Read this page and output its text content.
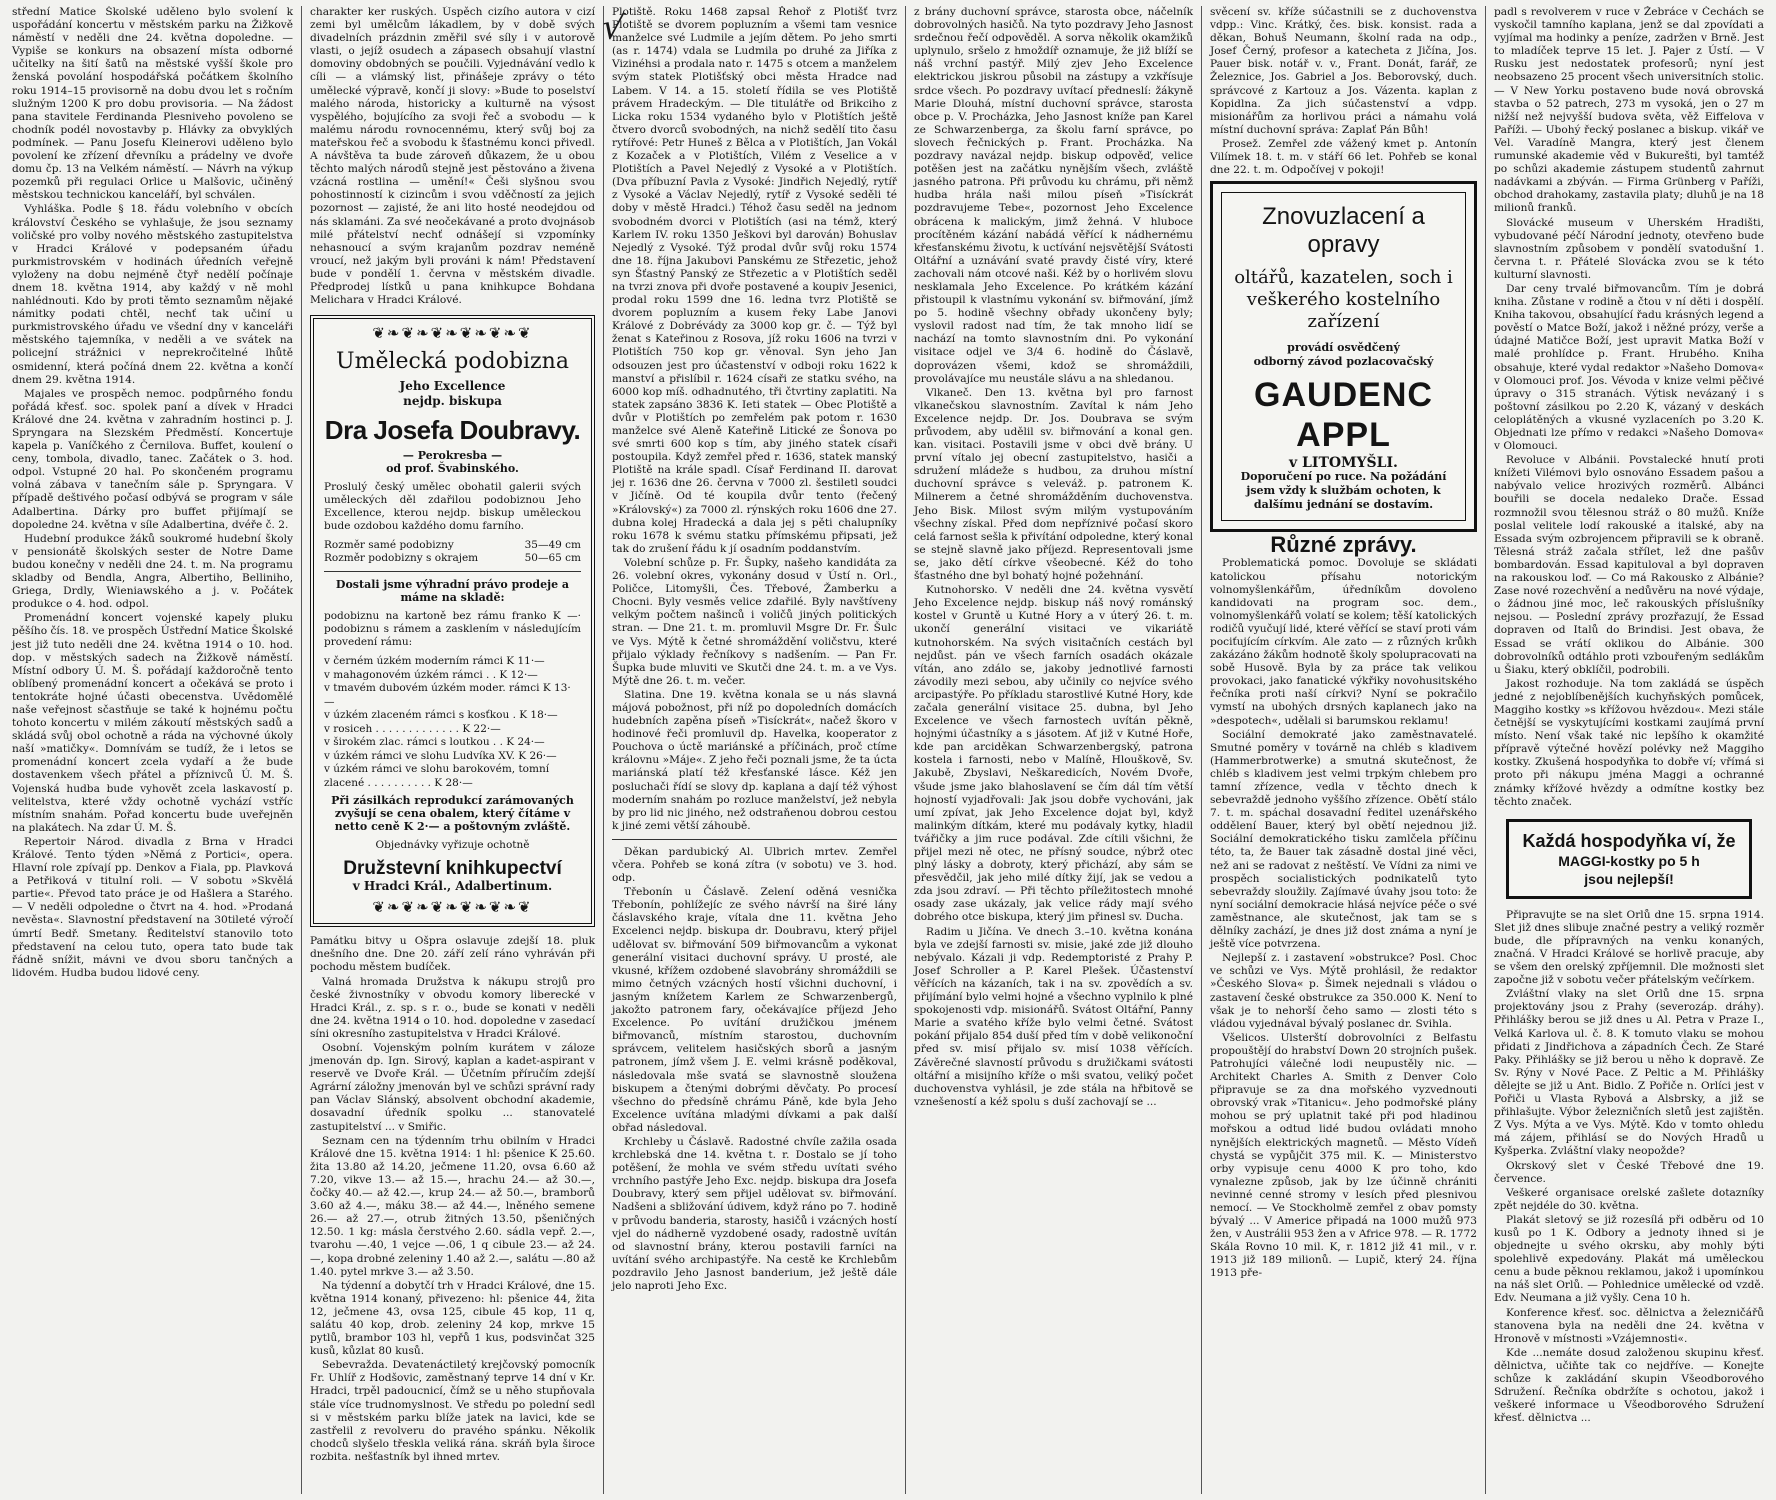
√

střední Matice Školské uděleno bylo svolení k uspořádání koncertu v městském parku na Žižkově náměstí v neděli dne 24. května dopoledne. — Vypiše se konkurs na obsazení místa odborné učitelky na šití šatů na městské vyšší škole pro ženská povolání hospodářská počátkem školního roku 1914–15 provisorně na dobu dvou let s ročním služným 1200 K pro dobu provisoria. — Na žádost pana stavitele Ferdinanda Plesniveho povoleno se chodník podél novostavby p. Hlávky za obvyklých podmínek. — Panu Josefu Kleinerovi uděleno bylo povolení ke zřízení dřevníku a prádelny ve dvoře domu čp. 13 na Velkém náměstí. — Návrh na výkup pozemků při regulaci Orlice u Malšovic, učiněný městskou technickou kanceláří, byl schválen.

Vyhláška. Podle § 18. řádu volebního v obcích království Českého se vyhlašuje, že jsou seznamy voličské pro volby nového městského zastupitelstva v Hradci Králové v podepsaném úřadu purkmistrovském v hodinách úředních veřejně vyloženy na dobu nejméně čtyř nedělí počínaje dnem 18. května 1914, aby každý v ně mohl nahlédnouti. Kdo by proti těmto seznamům nějaké námitky podati chtěl, nechť tak učiní u purkmistrovského úřadu ve všední dny v kanceláři městského tajemníka, v neděli a ve svátek na policejní strážnici v neprekročitelné lhůtě osmidenní, která počíná dnem 22. května a končí dnem 29. května 1914.

Majales ve prospěch nemoc. podpůrného fondu pořádá křesť. soc. spolek paní a dívek v Hradci Králové dne 24. května v zahradním hostinci p. J. Spryngara na Slezském Předměstí. Koncertuje kapela p. Vaníčkého z Černilova. Buffet, koulení o ceny, tombola, divadlo, tanec. Začátek o 3. hod. odpol. Vstupné 20 hal. Po skončeném programu volná zábava v tanečním sále p. Spryngara. V případě deštivého počasí odbývá se program v sále Adalbertina. Dárky pro buffet přijímají se dopoledne 24. května v síle Adalbertina, dvéře č. 2.

Hudební produkce žáků soukromé hudební školy v pensionátě školských sester de Notre Dame budou konečny v neděli dne 24. t. m. Na programu skladby od Bendla, Angra, Albertiho, Belliniho, Griega, Drdly, Wieniawského a j. v. Počátek produkce o 4. hod. odpol.

Promenádní koncert vojenské kapely pluku pěšího čís. 18. ve prospěch Ústřední Matice Školské jest již tuto neděli dne 24. května 1914 o 10. hod. dop. v městských sadech na Žižkově náměstí. Místní odbory Ú. M. Š. pořádají každoročně tento oblíbený promenádní koncert a očekává se proto i tentokráte hojné účasti obecenstva. Uvědomělé naše veřejnost sčastňuje se také k hojnému počtu tohoto koncertu v milém zákoutí městských sadů a skládá svůj obol ochotně a ráda na výchovné úkoly naší »matičky«. Domnívám se tudíž, že i letos se promenádní koncert zcela vydaří a že bude dostavenkem všech přátel a příznivců Ú. M. Š. Vojenská hudba bude vyhovět zcela laskavostí p. velitelstva, které vždy ochotně vychází vstříc místním snahám. Pořad koncertu bude uveřejněn na plakátech. Na zdar Ú. M. Š.

Repertoir Národ. divadla z Brna v Hradci Králové. Tento týden »Němá z Portici«, opera. Hlavní role zpívají pp. Denkov a Fiala, pp. Plavková a Petřiková v titulní roli. — V sobotu »Skvělá partie«. Převod tato práce je od Hašlera a Starého. — V neděli odpoledne o čtvrt na 4. hod. »Prodaná nevěsta«. Slavnostní představení na 30tileté výročí úmrtí Bedř. Smetany. Ředitelství stanovilo toto představení na celou tuto, opera tato bude tak řádně snížit, mávni ve dvou sboru tančných a lidovém. Hudba budou lidové ceny.

charakter ker ruských. Úspěch cizího autora v cizí zemi byl umělcům lákadlem, by v době svých divadelních prázdnin změřil své síly i v autorově vlasti, o jejíž osudech a zápasech obsahují vlastní domoviny obdobných se poučili. Vyjednávání vedlo k cíli — a vlámský list, přinášeje zprávy o této umělecké výpravě, končí ji slovy: »Bude to poselství malého národa, historicky a kulturně na výsost vyspělého, bojujícího za svoji řeč a svobodu — k malému národu rovnocennému, který svůj boj za mateřskou řeč a svobodu k šťastnému konci přivedl. A návštěva ta bude zároveň důkazem, že u obou těchto malých národů stejně jest pěstováno a živena vzácná rostlina — umění!« Češi slyšnou svou pohostinností k cizincům i svou vděčností za jejich pozornost — zajisté, že ani lito hosté neodejdou od nás sklamáni. Za své neočekávané a proto dvojnásob milé přátelství nechť odnášejí si vzpomínky nehasnoucí a svým krajanům pozdrav neméně vroucí, než jakým byli prováni k nám! Představení bude v pondělí 1. června v městském divadle. Předprodej lístků u pana knihkupce Bohdana Melichara v Hradci Králové.

❦❧❦❧❦❧❦❧❦❧❦
Umělecká podobizna
Jeho Excellence
nejdp. biskupa
Dra Josefa Doubravy.
— Perokresba —
od prof. Švabinského.
Proslulý český umělec obohatil galerii svých uměleckých děl zdařilou podobiznou Jeho Excellence, kterou nejdp. biskup uměleckou bude ozdobou každého domu farního.
Rozměr samé podobizny	35—49 cm
Rozměr podobizny s okrajem	50—65 cm
Dostali jsme výhradní právo prodeje a máme na skladě:
podobiznu na kartoně bez rámu franko K —· podobiznu s rámem a zasklením v následujícím provedení rámu:
v černém úzkém moderním rámci K 11·—
v mahagonovém úzkém rámci . . K 12·—
v tmavém dubovém úzkém moder. rámci K 13·—
v úzkém zlaceném rámci s kosťkou . K 18·—
v rosiceh . . . . . . . . . . . . . K 22·—
v širokém zlac. rámci s loutkou . . K 24·—
v úzkém rámci ve slohu Ludvíka XV. K 26·—
v úzkém rámci ve slohu barokovém, tomní zlacené . . . . . . . . . . K 28·—
Při zásilkách reprodukcí zarámovaných zvyšují se cena obalem, který čítáme v netto ceně K 2·— a poštovným zvláště.
Objednávky vyřizuje ochotně
Družstevní knihkupectví
v Hradci Král., Adalbertinum.
❦❧❦❧❦❧❦❧❦❧❦

Památku bitvy u Ošpra oslavuje zdejší 18. pluk dnešního dne. Dne 20. září zelí ráno vyhráván při pochodu městem budíček.

Valná hromada Družstva k nákupu strojů pro české živnostníky v obvodu komory liberecké v Hradci Král., z. sp. s r. o., bude se konati v neděli dne 24. května 1914 o 10. hod. dopoledne v zasedací síni okresního zastupitelstva v Hradci Králové.

Osobní. Vojenským polním kurátem v záloze jmenován dp. Ign. Sirový, kaplan a kadet-aspirant v reservě ve Dvoře Král. — Účetním příručím zdejší Agrární záložny jmenován byl ve schůzi správní rady pan Václav Slánský, absolvent obchodní akademie, dosavadní úředník spolku ... stanovatelé zastupitelství ... v Smiřic.

Seznam cen na týdenním trhu obilním v Hradci Králové dne 15. května 1914: 1 hl: pšenice K 25.60. žita 13.80 až 14.20, ječmene 11.20, ovsa 6.60 až 7.20, vikve 13.— až 15.—, hrachu 24.— až 30.—, čočky 40.— až 42.—, krup 24.— až 50.—, bramborů 3.60 až 4.—, máku 38.— až 44.—, lněného semene 26.— až 27.—, otrub žitných 13.50, pšeničných 12.50. 1 kg: másla čerstvého 2.60. sádla vepř. 2.—, tvarohu —.40, 1 vejce —.06, 1 q cibule 23.— až 24.—, kopa drobné zeleniny 1.40 až 2.—, salátu —.80 až 1.40. pytel mrkve 3.— až 3.50.

Na týdenní a dobytčí trh v Hradci Králové, dne 15. května 1914 konaný, přivezeno: hl: pšenice 44, žita 12, ječmene 43, ovsa 125, cibule 45 kop, 11 q, salátu 40 kop, drob. zeleniny 24 kop, mrkve 15 pytlů, brambor 103 hl, vepřů 1 kus, podsvinčat 325 kusů, kůzlat 80 kusů.

Sebevražda. Devatenáctiletý krejčovský pomocník Fr. Uhlíř z Hodšovic, zaměstnaný teprve 14 dní v Kr. Hradci, trpěl padoucnicí, čímž se u něho stupňovala stále více trudnomyslnost. Ve středu po polední sedl si v městském parku blíže jatek na lavici, kde se zastřelil z revolveru do pravého spánku. Několik chodců slyšelo třeskla veliká rána. skráň byla široce rozbita. nešťastník byl ihned mrtev.

Plotiště. Roku 1468 zapsal Řehoř z Plotišť tvrz Plotiště se dvorem popluzním a všemi tam vesnice manželce své Ludmile a jejím dětem. Po jeho smrti (as r. 1474) vdala se Ludmila po druhé za Jiříka z Vizinéhsi a prodala nato r. 1475 s otcem a manželem svým statek Plotišťský obci města Hradce nad Labem. V 14. a 15. století řídila se ves Plotiště právem Hradeckým. — Dle titulátře od Brikciho z Licka roku 1534 vydaného bylo v Plotištích ještě čtvero dvorců svobodných, na nichž sedělí tito času rytířové: Petr Huneš z Bělca a v Plotištích, Jan Vokál z Kozaček a v Plotištích, Vilém z Veselice a v Plotištích a Pavel Nejedlý z Vysoké a v Plotištích. (Dva příbuzní Pavla z Vysoké: Jindřich Nejedlý, rytíř z Vysoké a Václav Nejedlý, rytíř z Vysoké seděli té doby v městě Hradci.) Téhož času seděl na jednom svobodném dvorci v Plotištích (asi na témž, který Karlem IV. roku 1350 Ješkovi byl darován) Bohuslav Nejedlý z Vysoké. Týž prodal dvůr svůj roku 1574 dne 18. října Jakubovi Panskému ze Střezetic, jehož syn Šťastný Panský ze Střezetic a v Plotištích seděl na tvrzi znova při dvoře postavené a koupiv Jesenici, prodal roku 1599 dne 16. ledna tvrz Plotiště se dvorem popluzním a kusem řeky Labe Janovi Králové z Dobrévády za 3000 kop gr. č. — Týž byl ženat s Kateřinou z Rosova, jíž roku 1606 na tvrzi v Plotištích 750 kop gr. věnoval. Syn jeho Jan odsouzen jest pro účastenství v odboji roku 1622 k manství a přislíbil r. 1624 císaři ze statku svého, na 6000 kop míš. odhadnutého, tři čtvrtiny zaplatiti. Na statek zapsáno 3836 K. Ieti statek — Obec Plotiště a dvůr v Plotištích po zemřelém pak potom r. 1630 manželce své Aleně Kateřině Litické ze Šonova po své smrti 600 kop s tím, aby jiného statek císaři postoupila. Když zemřel před r. 1636, statek manský Plotiště na krále spadl. Císař Ferdinand II. darovat jej r. 1636 dne 26. června v 7000 zl. šestiletl soudci v Jičíně. Od té koupila dvůr tento (řečený »Královský«) za 7000 zl. rýnských roku 1606 dne 27. dubna kolej Hradecká a dala jej s pěti chalupníky roku 1678 k svému statku přímskému připsati, jež tak do zrušení řádu k jí osadním poddanstvím.

Volební schůze p. Fr. Šupky, našeho kandidáta za 26. volební okres, vykonány dosud v Ústí n. Orl., Poličce, Litomyšli, Čes. Třebové, Žamberku a Chocni. Byly vesměs velice zdařilé. Byly navštíveny velkým počtem našinců i voličů jiných politických stran. — Dne 21. t. m. promluvil Msgre Dr. Fr. Šulc ve Vys. Mýtě k četné shromáždění voličstvu, které přijalo výklady řečníkovy s nadšením. — Pan Fr. Šupka bude mluviti ve Skutči dne 24. t. m. a ve Vys. Mýtě dne 26. t. m. večer.

Slatina. Dne 19. května konala se u nás slavná májová pobožnost, při níž po dopoledních domácích hudebních zapěna píseň »Tisíckrát«, načež škoro v hodinové řeči promluvil dp. Havelka, kooperator z Pouchova o úctě mariánské a příčinách, proč ctíme královnu »Máje«. Z jeho řeči poznali jsme, že ta úcta mariánská platí též křesťanské lásce. Kéž jen posluchači řídí se slovy dp. kaplana a dají též výhost moderním snahám po rozluce manželství, jež nebyla by pro lid nic jiného, než odstraňenou dobrou cestou k jiné zemi větší záhoubě.

Děkan pardubický Al. Ulbrich mrtev. Zemřel včera. Pohřeb se koná zítra (v sobotu) ve 3. hod. odp.

Třebonín u Čáslavě. Zelení oděná vesnička Třebonín, pohlížejíc ze svého návrší na širé lány čáslavského kraje, vítala dne 11. května Jeho Excelenci nejdp. biskupa dr. Doubravu, který přijel udělovat sv. biřmování 509 biřmovancům a vykonat generální visitaci duchovní správy. U prosté, ale vkusné, křížem ozdobené slavobrány shromáždili se mimo četných vzácných hostí všichni duchovní, i jasným knížetem Karlem ze Schwarzenbergů, jakožto patronem fary, očekávajíce příjezd Jeho Excelence. Po uvítání družičkou jménem biřmovanců, místním starostou, duchovním správcem, velitelem hasičských sborů a jasným patronem, jímž všem J. E. velmi krásně poděkoval, následovala mše svatá se slavnostně sloužena biskupem a čtenými dobrými děvčaty. Po procesí všechno do předsíně chrámu Páně, kde byla Jeho Excelence uvítána mladými dívkami a pak další obřad následoval.

Krchleby u Čáslavě. Radostné chvíle zažila osada krchlebská dne 14. května t. r. Dostalo se jí toho potěšení, že mohla ve svém středu uvítati svého vrchního pastýře Jeho Exc. nejdp. biskupa dra Josefa Doubravy, který sem přijel udělovat sv. biřmování. Nadšeni a sbližování údivem, když ráno po 7. hodině v průvodu banderia, starosty, hasičů i vzácných hostí vjel do nádherně vyzdobené osady, radostně uvítán od slavnostní brány, kterou postavili farníci na uvítání svého archipastýře. Na cestě ke Krchlebům pozdravilo Jeho Jasnost banderium, jež ještě dále jelo naproti Jeho Exc.

z brány duchovní správce, starosta obce, náčelník dobrovolných hasičů. Na tyto pozdravy Jeho Jasnost srdečnou řečí odpověděl. A sorva několik okamžiků uplynulo, sršelo z hmoždíř oznamuje, že již blíží se náš vrchní pastýř. Milý zjev Jeho Excelence elektrickou jiskrou působil na zástupy a vzkřísuje srdce všech. Po pozdravy uvítací předneslí: žákyně Marie Dlouhá, místní duchovní správce, starosta obce p. V. Procházka, Jeho Jasnost kníže pan Karel ze Schwarzenberga, za školu farní správce, po slovech řečnických p. Frant. Procházka. Na pozdravy navázal nejdp. biskup odpověď, velice potěšen jest na začátku nynějším všech, zvláště jasného patrona. Při průvodu ku chrámu, při němž hudba hrála naši milou píseň »Tisíckrát pozdravujeme Tebe«, pozornost Jeho Excelence obrácena k malickým, jimž žehná. V hluboce procítěném kázání nabádá věřící k nádhernému křesťanskému životu, k uctívání nejsvětější Svátosti Oltářní a uznávání svaté pravdy čisté víry, které zachovali nám otcové naši. Kéž by o horlivém slovu nesklamala Jeho Excelence. Po krátkém kázání přistoupil k vlastnímu vykonání sv. biřmování, jímž po 5. hodině všechny obřady ukončeny byly; vyslovil radost nad tím, že tak mnoho lidí se nachází na tomto slavnostním dni. Po vykonání visitace odjel ve 3/4 6. hodině do Čáslavě, doprovázen všemi, kdož se shromáždili, provolávajíce mu neustále slávu a na shledanou.

Vlkaneč. Den 13. května byl pro farnost vlkanečskou slavnostním. Zavítal k nám Jeho Excelence nejdp. Dr. Jos. Doubrava se svým průvodem, aby udělil sv. biřmování a konal gen. kan. visitaci. Postavili jsme v obci dvě brány. U první vítalo jej obecní zastupitelstvo, hasiči a sdružení mládeže s hudbou, za druhou místní duchovní správce s veleváž. p. patronem K. Milnerem a četné shromážděním duchovenstva. Jeho Bisk. Milost svým milým vystupováním všechny získal. Před dom nepříznivé počasí skoro celá farnost sešla k přivítání odpoledne, který konal se stejně slavně jako příjezd. Representovali jsme se, jako dětí církve všeobecné. Kéž do toho šťastného dne byl bohatý hojné požehnání.

Kutnohorsko. V neděli dne 24. května vysvětí Jeho Excelence nejdp. biskup náš nový románský kostel v Gruntě u Kutné Hory a v úterý 26. t. m. ukončí generální visitaci ve vikariátě kutnohorském. Na svých visitačních cestách byl nejdůst. pán ve všech farních osadách okázale vítán, ano zdálo se, jakoby jednotlivé farnosti závodily mezi sebou, aby učinily co nejvíce svého arcipastýře. Po příkladu starostlivé Kutné Hory, kde začala generální visitace 25. dubna, byl Jeho Excelence ve všech farnostech uvítán pěkně, hojnými účastníky a s jásotem. Ať již v Kutné Hoře, kde pan arciděkan Schwarzenbergský, patrona kostela i farnosti, nebo v Malíně, Hlouškově, Sv. Jakubě, Zbyslavi, Neškaredicích, Novém Dvoře, všude jsme jako blahoslavení se čím dál tím větší hojností vyjadřovali: Jak jsou dobře vychováni, jak umí zpívat, jak Jeho Excelence dojat byl, když malinkým dítkám, které mu podávaly kytky, hladil tvářičky a jim ruce podával. Zde cítili všichni, že přijel mezi ně otec, ne přísný soudce, nýbrž otec plný lásky a dobroty, který přichází, aby sám se přesvědčil, jak jeho milé dítky žijí, jak se vedou a zda jsou zdraví. — Při těchto příležitostech mnohé osady zase ukázaly, jak velice rády mají svého dobrého otce biskupa, který jim přinesl sv. Ducha.

Radim u Jičína. Ve dnech 3.–10. května konána byla ve zdejší farnosti sv. misie, jaké zde již dlouho nebývalo. Kázali ji vdp. Redemptoristé z Prahy P. Josef Schroller a P. Karel Plešek. Účastenství věřících na kázaních, tak i na sv. zpovědích a sv. přijímání bylo velmi hojné a všechno vyplnilo k plné spokojenosti vdp. misionářů. Svátost Oltářní, Panny Marie a svatého kříže bylo velmi četné. Svátost pokání přijalo 854 duší před tím v době velikonoční před sv. misí přijalo sv. misí 1038 věřících. Závěrečné slavností průvodu s družičkami svátosti oltářní a misijního kříže o mši svatou, veliký počet duchovenstva vyhlásil, je zde stála na hřbitově se vznešeností a kéž spolu s duší zachovají se ...

svěcení sv. kříže súčastnili se z duchovenstva vdpp.: Vinc. Krátký, čes. bisk. konsist. rada a děkan, Bohuš Neumann, školní rada na odp., Josef Černý, profesor a katecheta z Jičína, Jos. Pauer bisk. notář v. v., Frant. Donát, farář, ze Železnice, Jos. Gabriel a Jos. Beborovský, duch. správcové z Kartouz a Jos. Vázenta. kaplan z Kopidlna. Za jich súčastenství a vdpp. misionářům za horlivou práci a námahu volá místní duchovní správa: Zaplať Pán Bůh!

Prosež. Zemřel zde vážený kmet p. Antonín Vilímek 18. t. m. v stáří 66 let. Pohřeb se konal dne 22. t. m. Odpočívej v pokoji!

Znovuzlacení a opravy
oltářů, kazatelen, soch i veškerého kostelního zařízení
provádí osvědčený
odborný závod pozlacovačský
GAUDENC APPL
v LITOMYŠLI.
Doporučení po ruce. Na požádání jsem vždy k službám ochoten, k dalšímu jednání se dostavím.
Různé zprávy.

Problematická pomoc. Dovoluje se skládati katolickou přísahu notorickým volnomyšlenkářům, úředníkům dovoleno kandidovati na program soc. dem., volnomyšlenkářů volatí se kolem; těší katolických rodičů vyučují lidé, které věřící se staví proti vám pociťujícím církvím. Ale zato — z různých krůkh zakázáno žákům hodnotě školy spolupracovati na sobě Husově. Byla by za práce tak velikou provokaci, jako fanatické výkřiky novohusitského řečníka proti naší církvi? Nyní se pokračilo vymstí na ubohých drsných kaplanech jako na »despotech«, udělali si barumskou reklamu!

Sociální demokraté jako zaměstnavatelé. Smutné poměry v továrně na chléb s kladivem (Hammerbrotwerke) a smutná skutečnost, že chléb s kladivem jest velmi trpkým chlebem pro tamní zřízence, vedla v těchto dnech k sebevraždě jednoho vyššího zřízence. Obětí stálo 7. t. m. spáchal dosavadní ředitel uzenářského oddělení Bauer, který byl obětí nejednou již. Sociální demokratického tisku zamlčela příčinu této, ta, že Bauer tak zásadně dostal jiné věci, než ani se radovat z neštěstí. Ve Vídni za nimi ve prospěch socialistických podnikatelů tyto sebevraždy sloužily. Zajímavé úvahy jsou toto: že nyní sociální demokracie hlásá nejvíce péče o své zaměstnance, ale skutečnost, jak tam se s dělníky zachází, je dnes již dost známa a nyní je ještě více potvrzena.

Nejlepší z. i zastavení »obstrukce? Posl. Choc ve schůzi ve Vys. Mýtě prohlásil, že redaktor »Českého Slova« p. Šimek nejednali s vládou o zastavení české obstrukce za 350.000 K. Není to však je to nehorší čeho samo — zlosti této s vládou vyjednával bývalý poslanec dr. Svihla.

Všelicos. Ulsterští dobrovolníci z Belfastu propouštějí do hrabství Down 20 strojních pušek. Patrohujíci válečné lodi neupustěly nic. — Architekt Charles A. Smith z Denver Colo připravuje se za dna mořského vyzvednouti obrovský vrak »Titanicu«. Jeho podmořské plány mohou se prý uplatnit také při pod hladinou mořskou a odtud lidé budou ovládati mnoho nynějších elektrických magnetů. — Město Vídeň chystá se vypůjčit 375 mil. K. — Ministerstvo orby vypisuje cenu 4000 K pro toho, kdo vynalezne způsob, jak by lze účinně chrániti nevinné cenné stromy v lesích před plesnivou nemocí. — Ve Stockholmě zemřel z obav pomsty bývalý ... V Americe připadá na 1000 mužů 973 žen, v Austrálii 953 žen a v Africe 978. — R. 1772 Skála Rovno 10 mil. K, r. 1812 již 41 mil., v r. 1913 již 189 milionů. — Lupič, který 24. října 1913 pře-

padl s revolverem v ruce v Žebráce v Čechách se vyskočil tamního kaplana, jenž se dal zpovídati a vyjímal ma hodinky a peníze, zadržen v Brně. Jest to mladíček teprve 15 let. J. Pajer z Ústí. — V Rusku jest nedostatek profesorů; nyní jest neobsazeno 25 procent všech universitních stolic. — V New Yorku postaveno bude nová obrovská stavba o 52 patrech, 273 m vysoká, jen o 27 m nižší než nejvyšší budova světa, věž Eiffelova v Paříži. — Ubohý řecký poslanec a biskup. vikář ve Vel. Varadíně Mangra, který jest členem rumunské akademie věd v Bukurešti, byl tamtéž po schůzi akademie zástupem studentů zahrnut nadávkami a zbýván. — Firma Grünberg v Paříži, obchod drahokamy, zastavila platy; dluhů je na 18 milionů franků.

Slovácké museum v Uherském Hradišti, vybudované péčí Národní jednoty, otevřeno bude slavnostním způsobem v pondělí svatodušní 1. června t. r. Přátelé Slovácka zvou se k této kulturní slavnosti.

Dar ceny trvalé biřmovancům. Tím je dobrá kniha. Zůstane v rodině a čtou v ní děti i dospělí. Kniha takovou, obsahující řadu krásných legend a pověstí o Matce Boží, jakož i něžné prózy, verše a údajné Matičce Boží, jest upravit Matka Boží v malé prohlídce p. Frant. Hrubého. Kniha obsahuje, které vydal redaktor »Našeho Domova« v Olomouci prof. Jos. Vévoda v knize velmi pěčivé úpravy o 315 stranách. Výtisk nevázaný i s poštovní zásilkou po 2.20 K, vázaný v deskách celoplátěných a vkusné vyzlaceních po 3.20 K. Objednati lze přímo v redakci »Našeho Domova« v Olomouci.

Revoluce v Albánii. Povstalecké hnutí proti knížeti Vilémovi bylo osnováno Essadem pašou a nabývalo velice hrozivých rozměrů. Albánci bouřili se docela nedaleko Drače. Essad rozmnožil svou tělesnou stráž o 80 mužů. Kníže poslal velitele lodí rakouské a italské, aby na Essada svým ozbrojencem připravili se k obraně. Tělesná stráž začala střílet, lež dne pašův bombardován. Essad kapituloval a byl dopraven na rakouskou loď. — Co má Rakousko z Albánie? Zase nové rozechvění a nedůvěru na nové výdaje, o žádnou jiné moc, leč rakouských příslušníky nejsou. — Poslední zprávy prozřazují, že Essad dopraven od Italů do Brindisi. Jest obava, že Essad se vrátí oklikou do Albánie. 300 dobrovolníků odtáhlo proti vzbouřeným sedlákům u Šiaku, který obklíčil, podrobili.

Jakost rozhoduje. Na tom zakládá se úspěch jedné z nejoblíbenějších kuchyňských pomůcek, Maggiho kostky »s křížovou hvězdou«. Mezi stále četnější se vyskytujícími kostkami zaujímá první místo. Není však také nic lepšího k okamžité přípravě výtečné hovězí polévky než Maggiho kostky. Zkušená hospodyňka to dobře ví; vřímá si proto při nákupu jména Maggi a ochranné známky křížové hvězdy a odmítne kostky bez těchto značek.

Každá hospodyňka ví, že
MAGGI-kostky po 5 h
jsou nejlepší!

Připravujte se na slet Orlů dne 15. srpna 1914. Slet již dnes slibuje značné pestry a veliký rozměr bude, dle přípravných na venku konaných, značná. V Hradci Králové se horlivě pracuje, aby se všem den orelský zpříjemnil. Dle možnosti slet započne již v sobotu večer přátelským večírkem.

Zvláštní vlaky na slet Orlů dne 15. srpna projektovány jsou z Prahy (severozáp. dráhy). Přihlášky berou se již dnes u Al. Petra v Praze I., Velká Karlova ul. č. 8. K tomuto vlaku se mohou přidati z Jindřichova a západních Čech. Ze Staré Paky. Přihlášky se již berou u něho k dopravě. Ze Sv. Rýny v Nové Pace. Z Peltic a M. Přihlášky dělejte se již u Ant. Bidlo. Z Pořiče n. Orlíci jest v Pořiči u Vlasta Rybová a Alsbrsky, a již se přihlašujte. Výbor železničních sletů jest zajištěn. Z Vys. Mýta a ve Vys. Mýtě. Kdo v tomto ohledu má zájem, přihlásí se do Nových Hradů u Kyšperka. Zvláštní vlaky neopožde?

Okrskový slet v České Třebové dne 19. července.

Veškeré organisace orelské zašlete dotazníky zpět nejdéle do 30. května.

Plakát sletový se již rozesílá při odběru od 10 kusů po 1 K. Odbory a jednoty ihned si je objednejte u svého okrsku, aby mohly býti spolehlivě expedovány. Plakát má uměleckou cenu a bude pěknou reklamou, jakož i upomínkou na náš slet Orlů. — Pohlednice umělecké od vzdě. Edv. Neumana a již vyšly. Cena 10 h.

Konference křesť. soc. dělnictva a železničářů stanovena byla na neděli dne 24. května v Hronově v místnosti »Vzájemnosti«.

Kde ...nemáte dosud založenou skupinu křesť. dělnictva, učiňte tak co nejdříve. — Konejte schůze k zakládání skupin Všeodborového Sdružení. Řečníka obdržíte s ochotou, jakož i veškeré informace u Všeodborového Sdružení křesť. dělnictva ...
